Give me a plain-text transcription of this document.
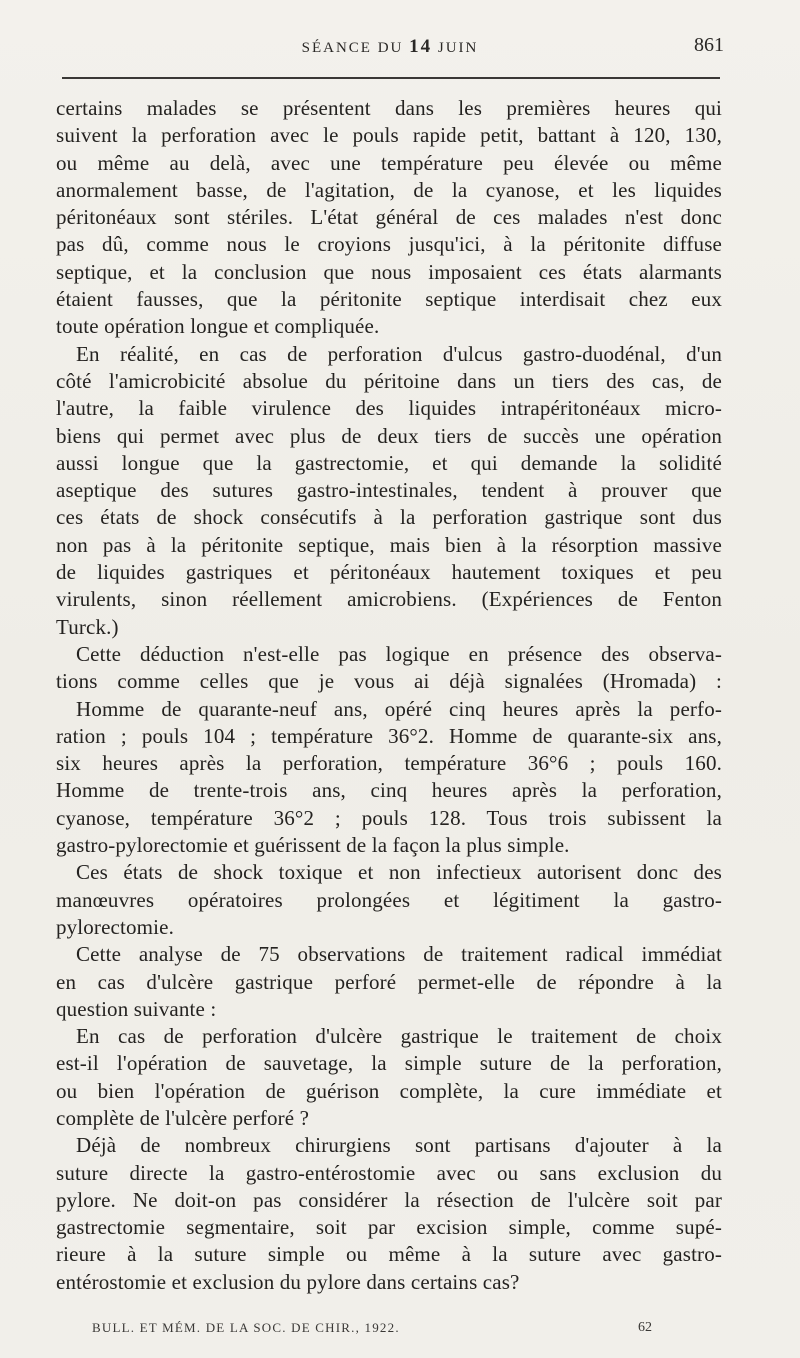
SÉANCE DU 14 JUIN	861
certains malades se présentent dans les premières heures qui
suivent la perforation avec le pouls rapide petit, battant à 120, 130,
ou même au delà, avec une température peu élevée ou même
anormalement basse, de l'agitation, de la cyanose, et les liquides
péritonéaux sont stériles. L'état général de ces malades n'est donc
pas dû, comme nous le croyions jusqu'ici, à la péritonite diffuse
septique, et la conclusion que nous imposaient ces états alarmants
étaient fausses, que la péritonite septique interdisait chez eux
toute opération longue et compliquée.
En réalité, en cas de perforation d'ulcus gastro-duodénal, d'un
côté l'amicrobicité absolue du péritoine dans un tiers des cas, de
l'autre, la faible virulence des liquides intrapéritonéaux micro-
biens qui permet avec plus de deux tiers de succès une opération
aussi longue que la gastrectomie, et qui demande la solidité
aseptique des sutures gastro-intestinales, tendent à prouver que
ces états de shock consécutifs à la perforation gastrique sont dus
non pas à la péritonite septique, mais bien à la résorption massive
de liquides gastriques et péritonéaux hautement toxiques et peu
virulents, sinon réellement amicrobiens. (Expériences de Fenton
Turck.)
Cette déduction n'est-elle pas logique en présence des observa-
tions comme celles que je vous ai déjà signalées (Hromada) :
Homme de quarante-neuf ans, opéré cinq heures après la perfo-
ration ; pouls 104 ; température 36°2. Homme de quarante-six ans,
six heures après la perforation, température 36°6 ; pouls 160.
Homme de trente-trois ans, cinq heures après la perforation,
cyanose, température 36°2 ; pouls 128. Tous trois subissent la
gastro-pylorectomie et guérissent de la façon la plus simple.
Ces états de shock toxique et non infectieux autorisent donc des
manœuvres opératoires prolongées et légitiment la gastro-
pylorectomie.
Cette analyse de 75 observations de traitement radical immédiat
en cas d'ulcère gastrique perforé permet-elle de répondre à la
question suivante :
En cas de perforation d'ulcère gastrique le traitement de choix
est-il l'opération de sauvetage, la simple suture de la perforation,
ou bien l'opération de guérison complète, la cure immédiate et
complète de l'ulcère perforé ?
Déjà de nombreux chirurgiens sont partisans d'ajouter à la
suture directe la gastro-entérostomie avec ou sans exclusion du
pylore. Ne doit-on pas considérer la résection de l'ulcère soit par
gastrectomie segmentaire, soit par excision simple, comme supé-
rieure à la suture simple ou même à la suture avec gastro-
entérostomie et exclusion du pylore dans certains cas?
BULL. ET MÉM. DE LA SOC. DE CHIR., 1922.	62
